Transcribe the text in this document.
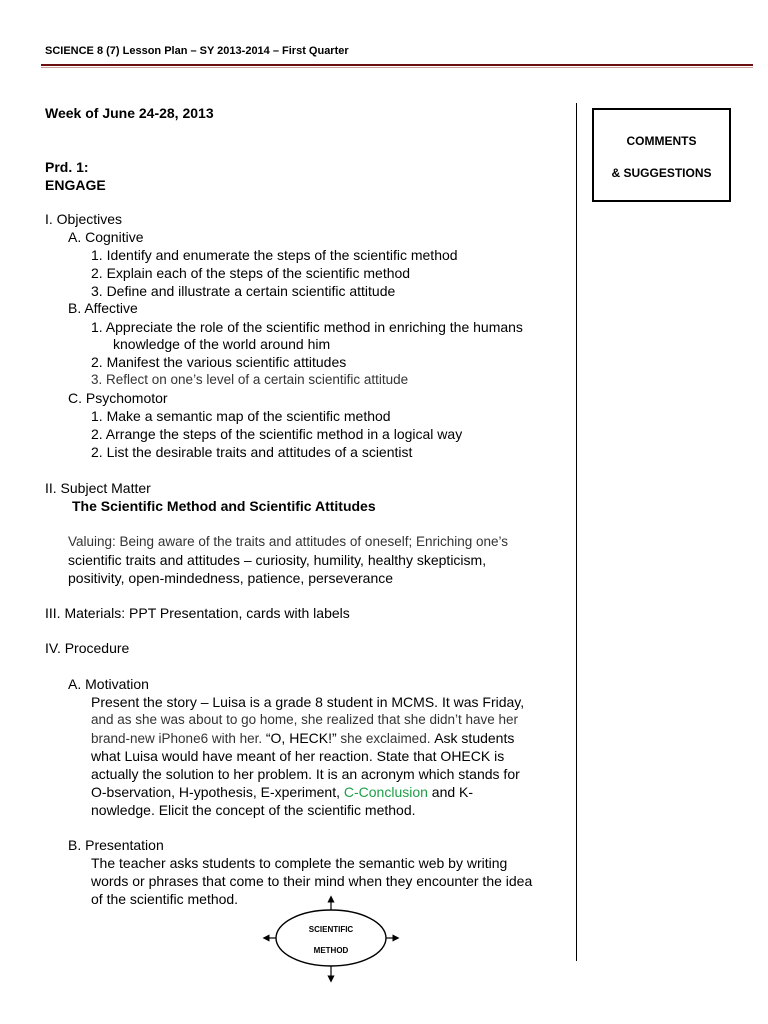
SCIENCE 8 (7) Lesson Plan – SY 2013-2014 – First Quarter
COMMENTS
& SUGGESTIONS
Week of June 24-28, 2013
Prd. 1:
ENGAGE
I. Objectives
A. Cognitive
1. Identify and enumerate the steps of the scientific method
2. Explain each of the steps of the scientific method
3. Define and illustrate a certain scientific attitude
B. Affective
1. Appreciate the role of the scientific method in enriching the humans
knowledge of the world around him
2. Manifest the various scientific attitudes
3. Reflect on one’s level of a certain scientific attitude
C. Psychomotor
1. Make a semantic map of the scientific method
2. Arrange the steps of the scientific method in a logical way
2. List the desirable traits and attitudes of a scientist
II. Subject Matter
The Scientific Method and Scientific Attitudes
Valuing: Being aware of the traits and attitudes of oneself; Enriching one’s
scientific traits and attitudes – curiosity, humility, healthy skepticism,
positivity, open-mindedness, patience, perseverance
III. Materials: PPT Presentation, cards with labels
IV. Procedure
A. Motivation
Present the story – Luisa is a grade 8 student in MCMS. It was Friday,
and as she was about to go home, she realized that she didn’t have her
brand-new iPhone6 with her. “O, HECK!” she exclaimed. Ask students
what Luisa would have meant of her reaction. State that OHECK is
actually the solution to her problem. It is an acronym which stands for
O-bservation, H-ypothesis, E-xperiment, C-Conclusion and K-
nowledge. Elicit the concept of the scientific method.
B. Presentation
The teacher asks students to complete the semantic web by writing
words or phrases that come to their mind when they encounter the idea
of the scientific method.
SCIENTIFIC
METHOD
